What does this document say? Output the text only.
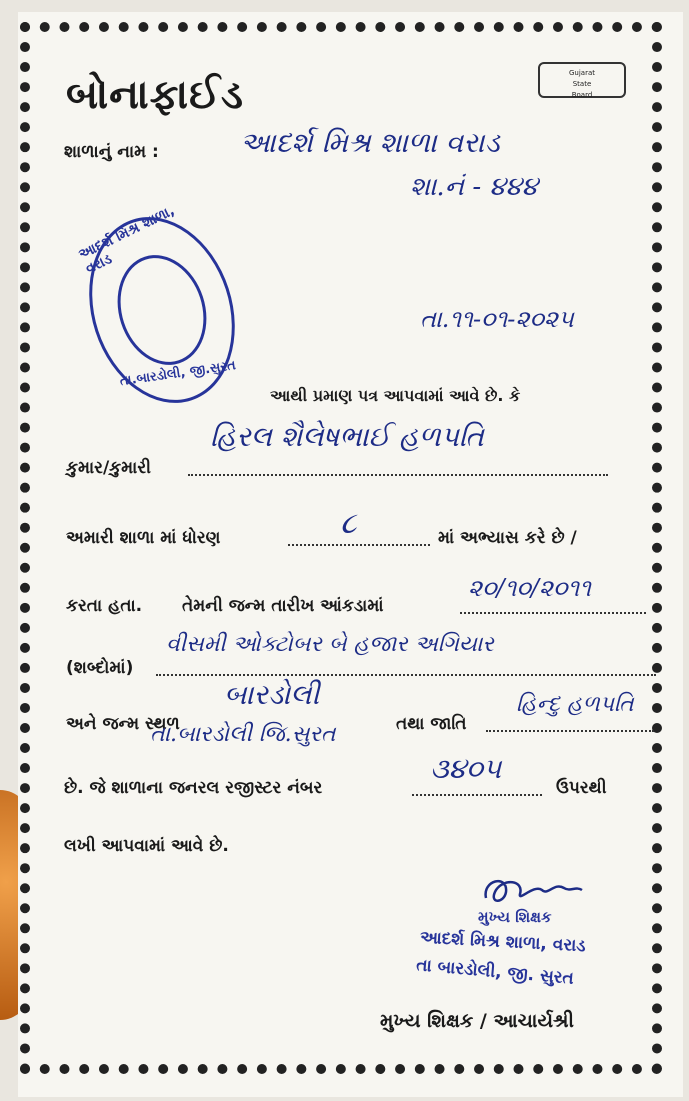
બોનાફાઈડ	Gujarat
State
Board
શાળાનું નામ :	આદર્શ મિશ્ર શાળા વરાડ
શા.નં - ૪૪૪
આદર્શ મિશ્ર શાળા, વરાડ
તા.બારડોલી, જી.સુરત
તા.૧૧-૦૧-૨૦૨૫
આથી પ્રમાણ પત્ર આપવામાં આવે છે. કે
કુમાર/કુમારી
હિરલ શૈલેષભાઈ હળપતિ
અમારી શાળા માં ધોરણ	૮	માં અભ્યાસ કરે છે /
કરતા હતા. તેમની જન્મ તારીખ આંકડામાં
૨૦/૧૦/૨૦૧૧
(શબ્દોમાં)
વીસમી ઓક્ટોબર બે હજાર અગિયાર
અને જન્મ સ્થળ
બારડોલી
તા.બારડોલી જિ.સુરત	તથા જાતિ
હિન્દુ હળપતિ
છે. જે શાળાના જનરલ રજીસ્ટર નંબર
૩૪૦૫
ઉપરથી
લખી આપવામાં આવે છે.
મુખ્ય શિક્ષક
આદર્શ મિશ્ર શાળા, વરાડ
તા બારડોલી, જી. સુરત
મુખ્ય શિક્ષક / આચાર્યશ્રી
